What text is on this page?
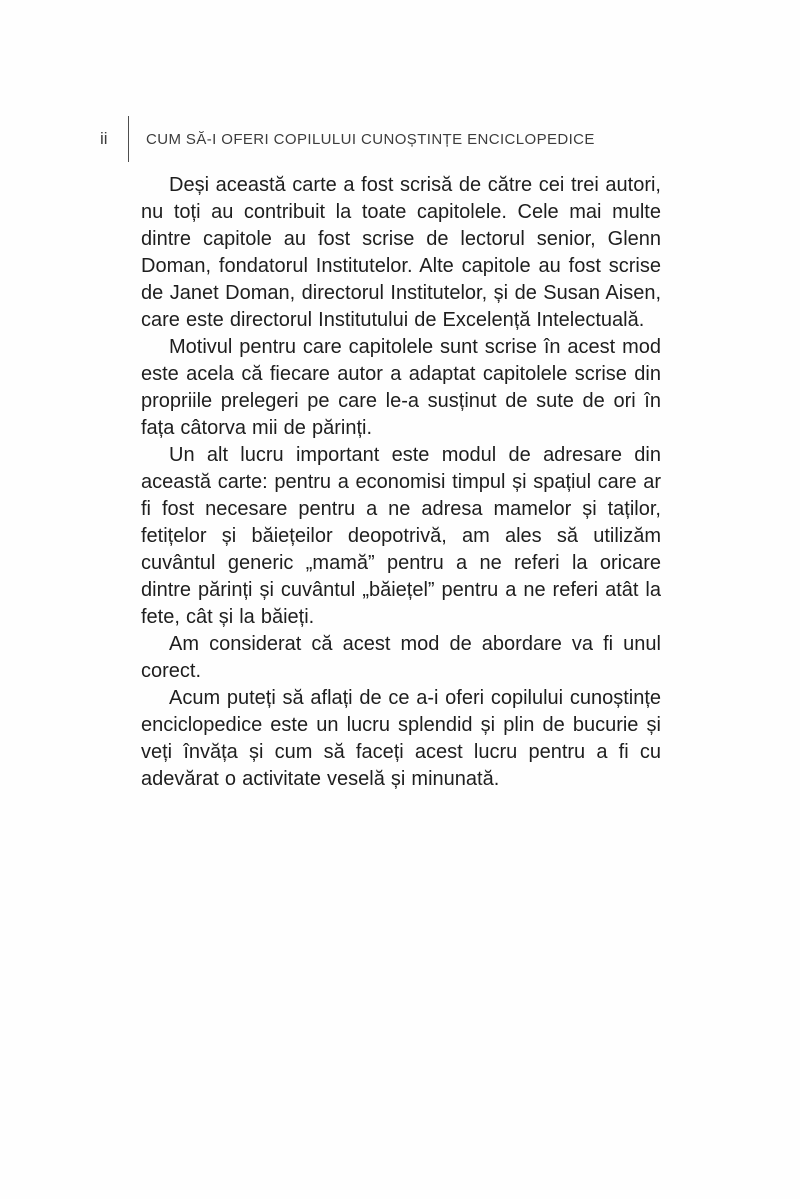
ii	CUM SĂ-I OFERI COPILULUI CUNOȘTINȚE ENCICLOPEDICE

Deși această carte a fost scrisă de către cei trei autori, nu toți au contribuit la toate capitolele. Cele mai multe dintre capitole au fost scrise de lectorul senior, Glenn Doman, fondatorul Institutelor. Alte capitole au fost scrise de Janet Doman, directorul Institutelor, și de Susan Aisen, care este directorul Institutului de Excelență Intelectuală.

Motivul pentru care capitolele sunt scrise în acest mod este acela că fiecare autor a adaptat capitolele scrise din propriile prelegeri pe care le-a susținut de sute de ori în fața câtorva mii de părinți.

Un alt lucru important este modul de adresare din această carte: pentru a economisi timpul și spațiul care ar fi fost necesare pentru a ne adresa mamelor și taților, fetițelor și băiețeilor deopotrivă, am ales să utilizăm cuvântul generic „mamă” pentru a ne referi la oricare dintre părinți și cuvântul „băiețel” pentru a ne referi atât la fete, cât și la băieți.

Am considerat că acest mod de abordare va fi unul corect.

Acum puteți să aflați de ce a-i oferi copilului cunoștințe enciclopedice este un lucru splendid și plin de bucurie și veți învăța și cum să faceți acest lucru pentru a fi cu adevărat o activitate veselă și minunată.
